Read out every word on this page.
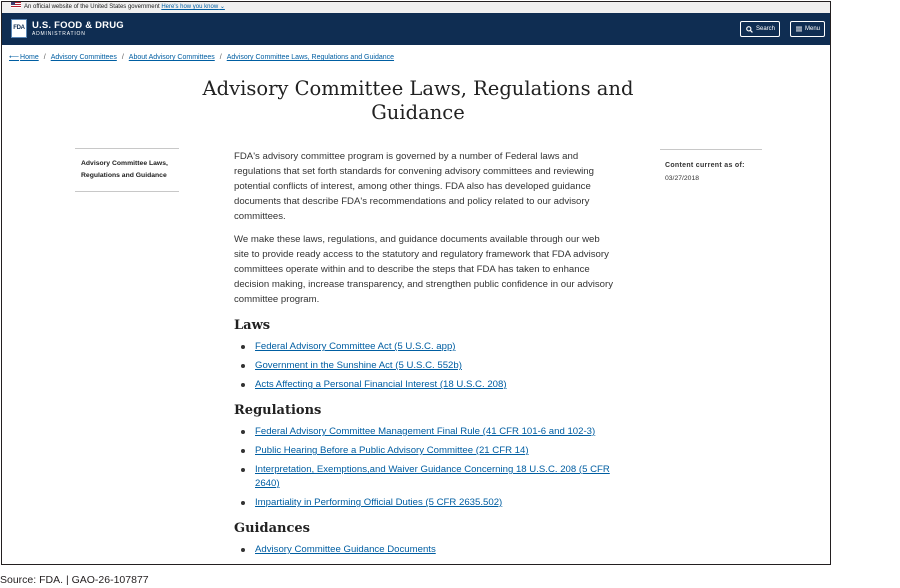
An official website of the United States government Here's how you know ⌄
FDA U.S. FOOD & DRUG
ADMINISTRATION
Search	Menu
⟵Home / Advisory Committees / About Advisory Committees / Advisory Committee Laws, Regulations and Guidance
Advisory Committee Laws, Regulations and Guidance
Advisory Committee Laws, Regulations and Guidance

FDA's advisory committee program is governed by a number of Federal laws and regulations that set forth standards for convening advisory committees and reviewing potential conflicts of interest, among other things. FDA also has developed guidance documents that describe FDA's recommendations and policy related to our advisory committees.

We make these laws, regulations, and guidance documents available through our web site to provide ready access to the statutory and regulatory framework that FDA advisory committees operate within and to describe the steps that FDA has taken to enhance decision making, increase transparency, and strengthen public confidence in our advisory committee program.

Laws
Federal Advisory Committee Act (5 U.S.C. app)
Government in the Sunshine Act (5 U.S.C. 552b)
Acts Affecting a Personal Financial Interest (18 U.S.C. 208)
Regulations
Federal Advisory Committee Management Final Rule (41 CFR 101-6 and 102-3)
Public Hearing Before a Public Advisory Committee (21 CFR 14)
Interpretation, Exemptions,and Waiver Guidance Concerning 18 U.S.C. 208 (5 CFR 2640)
Impartiality in Performing Official Duties (5 CFR 2635.502)
Guidances
Advisory Committee Guidance Documents
Content current as of:
03/27/2018
Source: FDA. | GAO-26-107877
